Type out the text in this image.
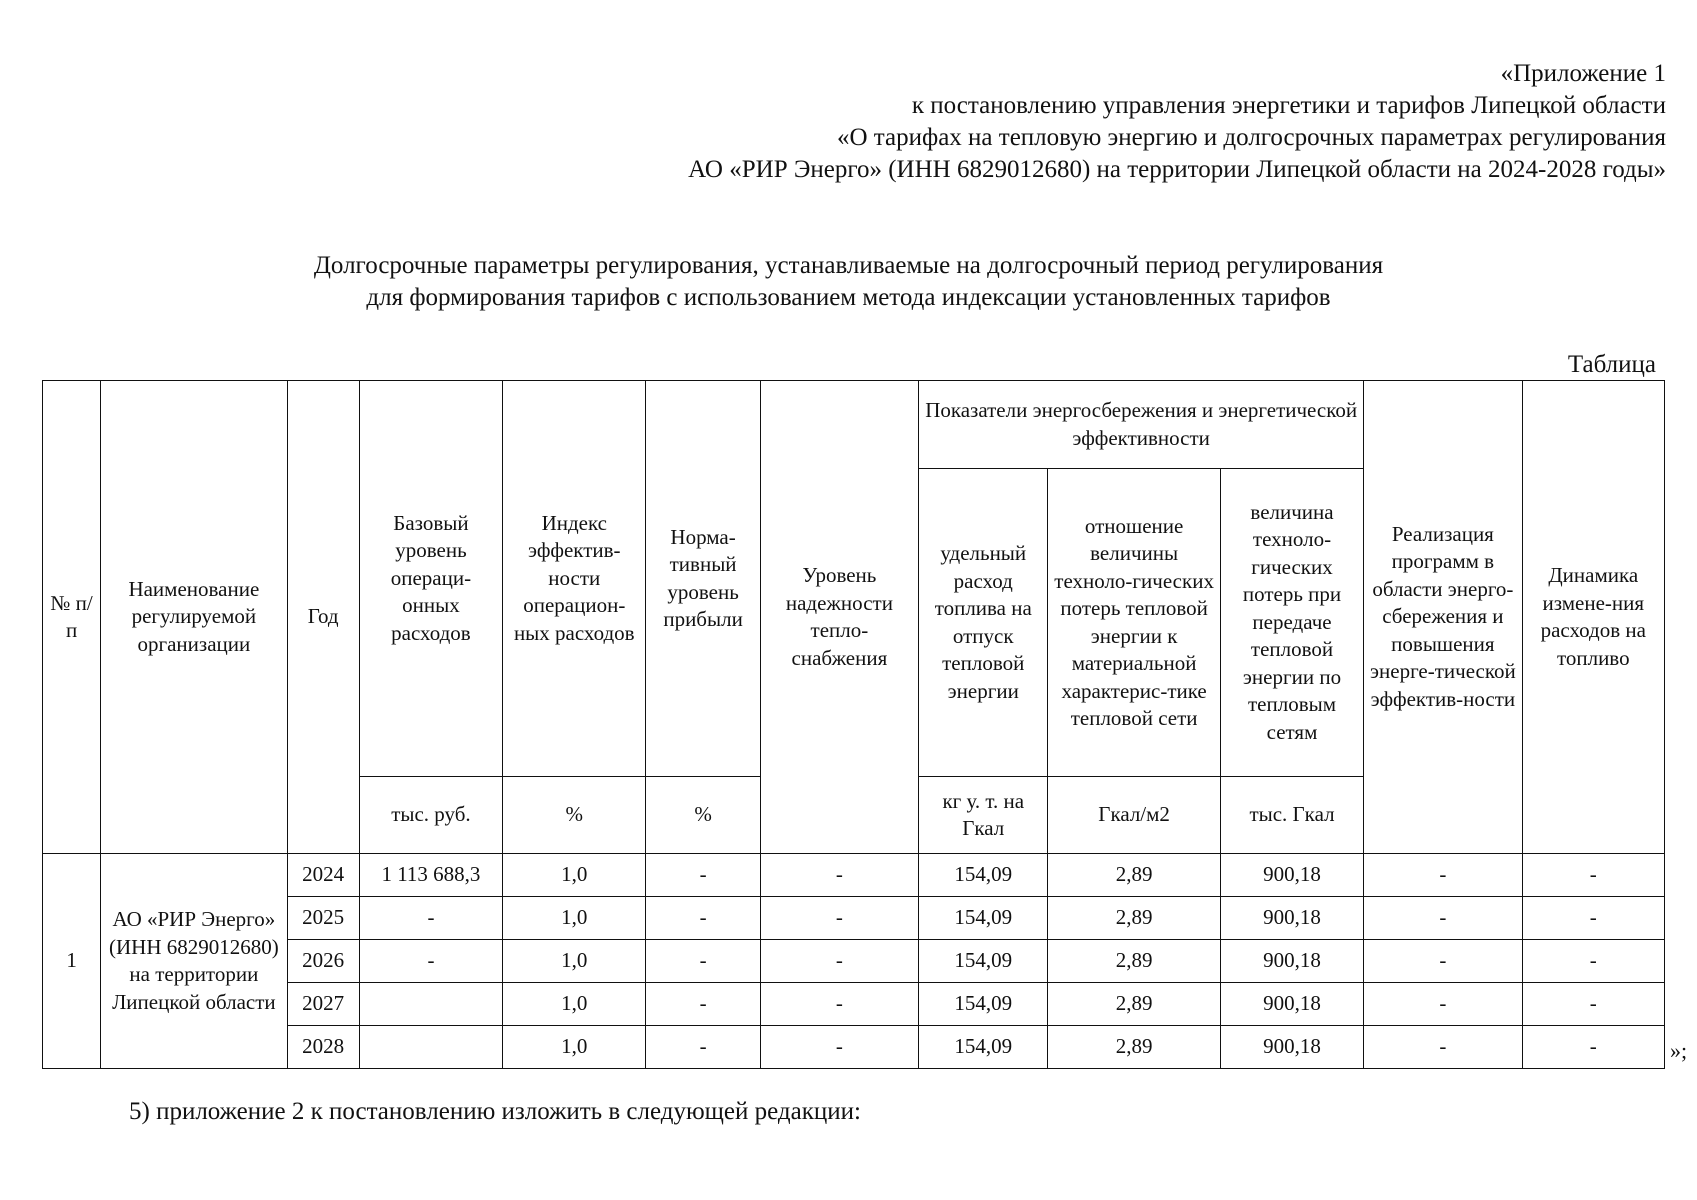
«Приложение 1
к постановлению управления энергетики и тарифов Липецкой области
«О тарифах на тепловую энергию и долгосрочных параметрах регулирования
АО «РИР Энерго» (ИНН 6829012680) на территории Липецкой области на 2024-2028 годы»
Долгосрочные параметры регулирования, устанавливаемые на долгосрочный период регулирования
для формирования тарифов с использованием метода индексации установленных тарифов
Таблица
№ п/п	Наименование регулируемой организации	Год	Базовый уровень операци-онных расходов	Индекс эффектив-ности операцион-ных расходов	Норма-тивный уровень прибыли	Уровень надежности тепло-снабжения	Показатели энергосбережения и энергетической эффективности			Реализация программ в области энерго-сбережения и повышения энерге-тической эффектив-ности	Динамика измене-ния расходов на топливо
							удельный расход топлива на отпуск тепловой энергии	отношение величины техноло-гических потерь тепловой энергии к материальной характерис-тике тепловой сети	величина техноло-гических потерь при передаче тепловой энергии по тепловым сетям		
			тыс. руб.	%	%		кг у. т. на Гкал	Гкал/м2	тыс. Гкал		
1	АО «РИР Энерго» (ИНН 6829012680) на территории Липецкой области	2024	1 113 688,3	1,0	-	-	154,09	2,89	900,18	-	-
		2025	-	1,0	-	-	154,09	2,89	900,18	-	-
		2026	-	1,0	-	-	154,09	2,89	900,18	-	-
		2027		1,0	-	-	154,09	2,89	900,18	-	-
		2028		1,0	-	-	154,09	2,89	900,18	-	-	»;
5) приложение 2 к постановлению изложить в следующей редакции:
